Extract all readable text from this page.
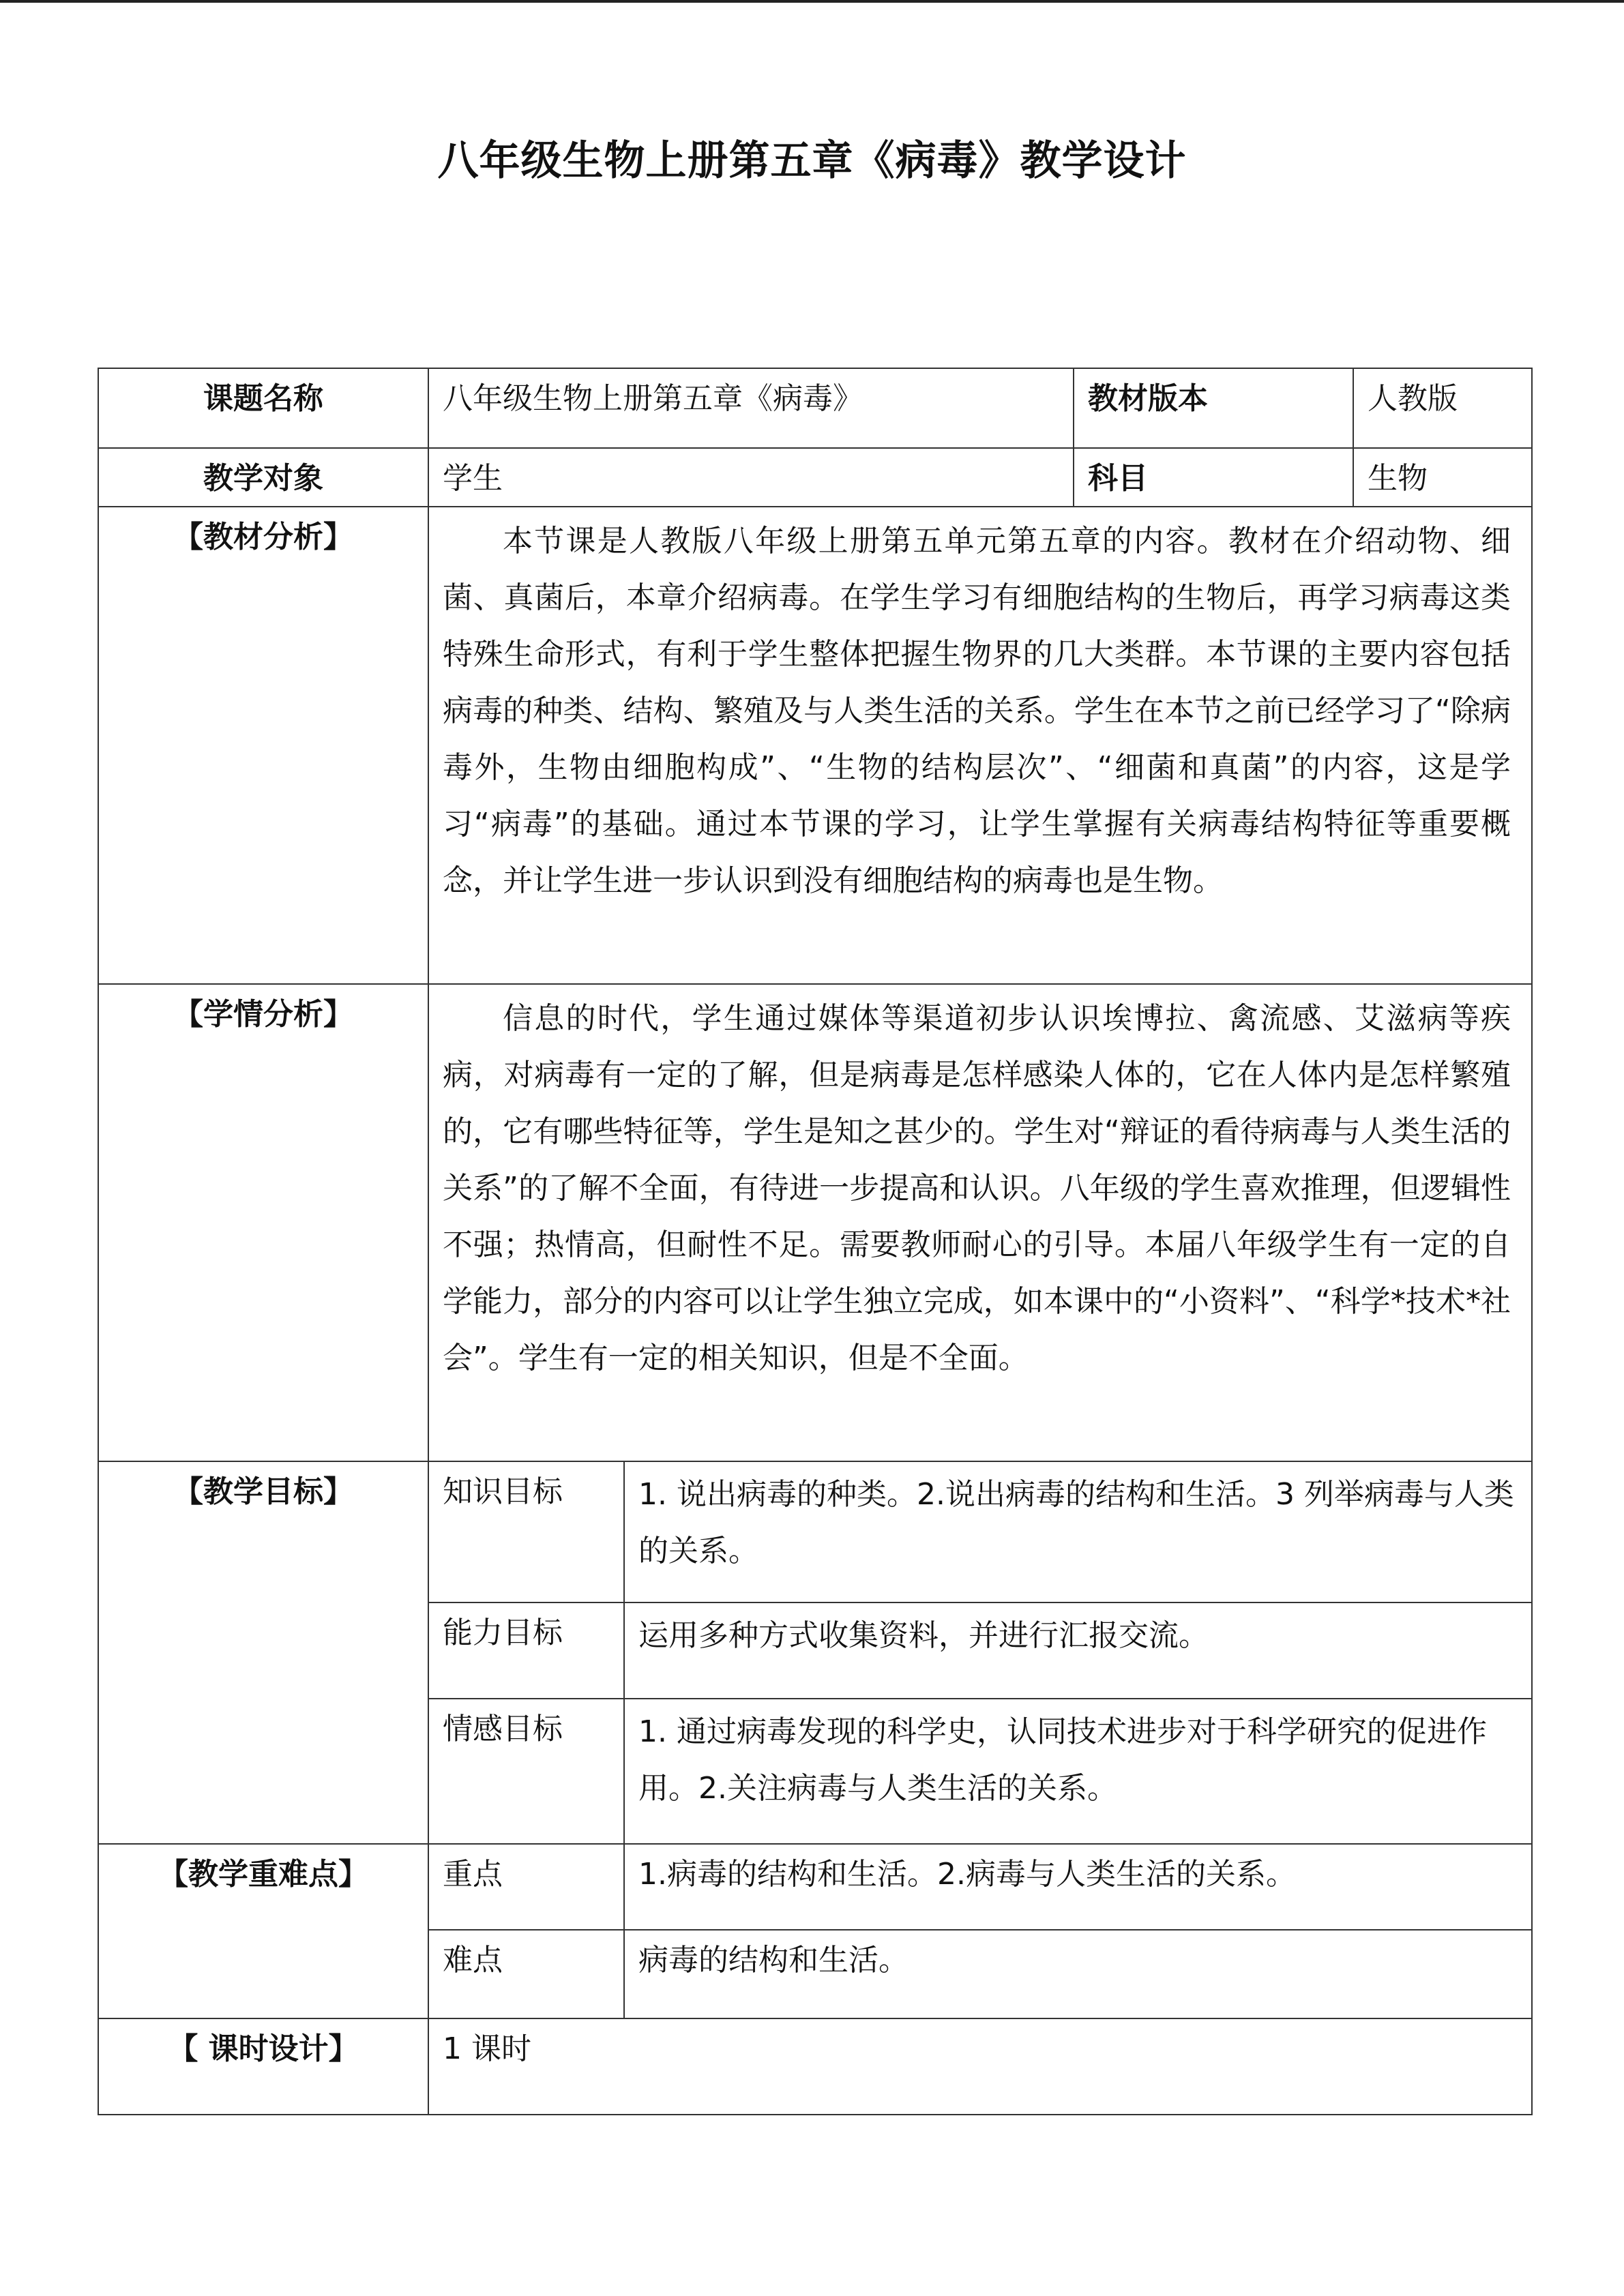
八年级生物上册第五章《病毒》教学设计
课题名称	八年级生物上册第五章《病毒》		教材版本	人教版
教学对象	学生		科目	生物
【教材分析】	本节课是人教版八年级上册第五单元第五章的内容。教材在介绍动物、细菌、真菌后，本章介绍病毒。在学生学习有细胞结构的生物后，再学习病毒这类特殊生命形式，有利于学生整体把握生物界的几大类群。本节课的主要内容包括病毒的种类、结构、繁殖及与人类生活的关系。学生在本节之前已经学习了“除病毒外，生物由细胞构成”、“生物的结构层次”、“细菌和真菌”的内容，这是学习“病毒”的基础。通过本节课的学习，让学生掌握有关病毒结构特征等重要概念，并让学生进一步认识到没有细胞结构的病毒也是生物。			

【学情分析】	信息的时代，学生通过媒体等渠道初步认识埃博拉、禽流感、艾滋病等疾病，对病毒有一定的了解，但是病毒是怎样感染人体的，它在人体内是怎样繁殖的，它有哪些特征等，学生是知之甚少的。学生对“辩证的看待病毒与人类生活的关系”的了解不全面，有待进一步提高和认识。八年级的学生喜欢推理，但逻辑性不强；热情高，但耐性不足。需要教师耐心的引导。本届八年级学生有一定的自学能力，部分的内容可以让学生独立完成，如本课中的“小资料”、“科学*技术*社会”。学生有一定的相关知识，但是不全面。			

【教学目标】	知识目标	1. 说出病毒的种类。2.说出病毒的结构和生活。3 列举病毒与人类的关系。		

	能力目标	运用多种方式收集资料，并进行汇报交流。		

	情感目标	1. 通过病毒发现的科学史，认同技术进步对于科学研究的促进作用。2.关注病毒与人类生活的关系。		

【教学重难点】	重点	1.病毒的结构和生活。2.病毒与人类生活的关系。		
	难点	病毒的结构和生活。		
【 课时设计】	1 课时			
